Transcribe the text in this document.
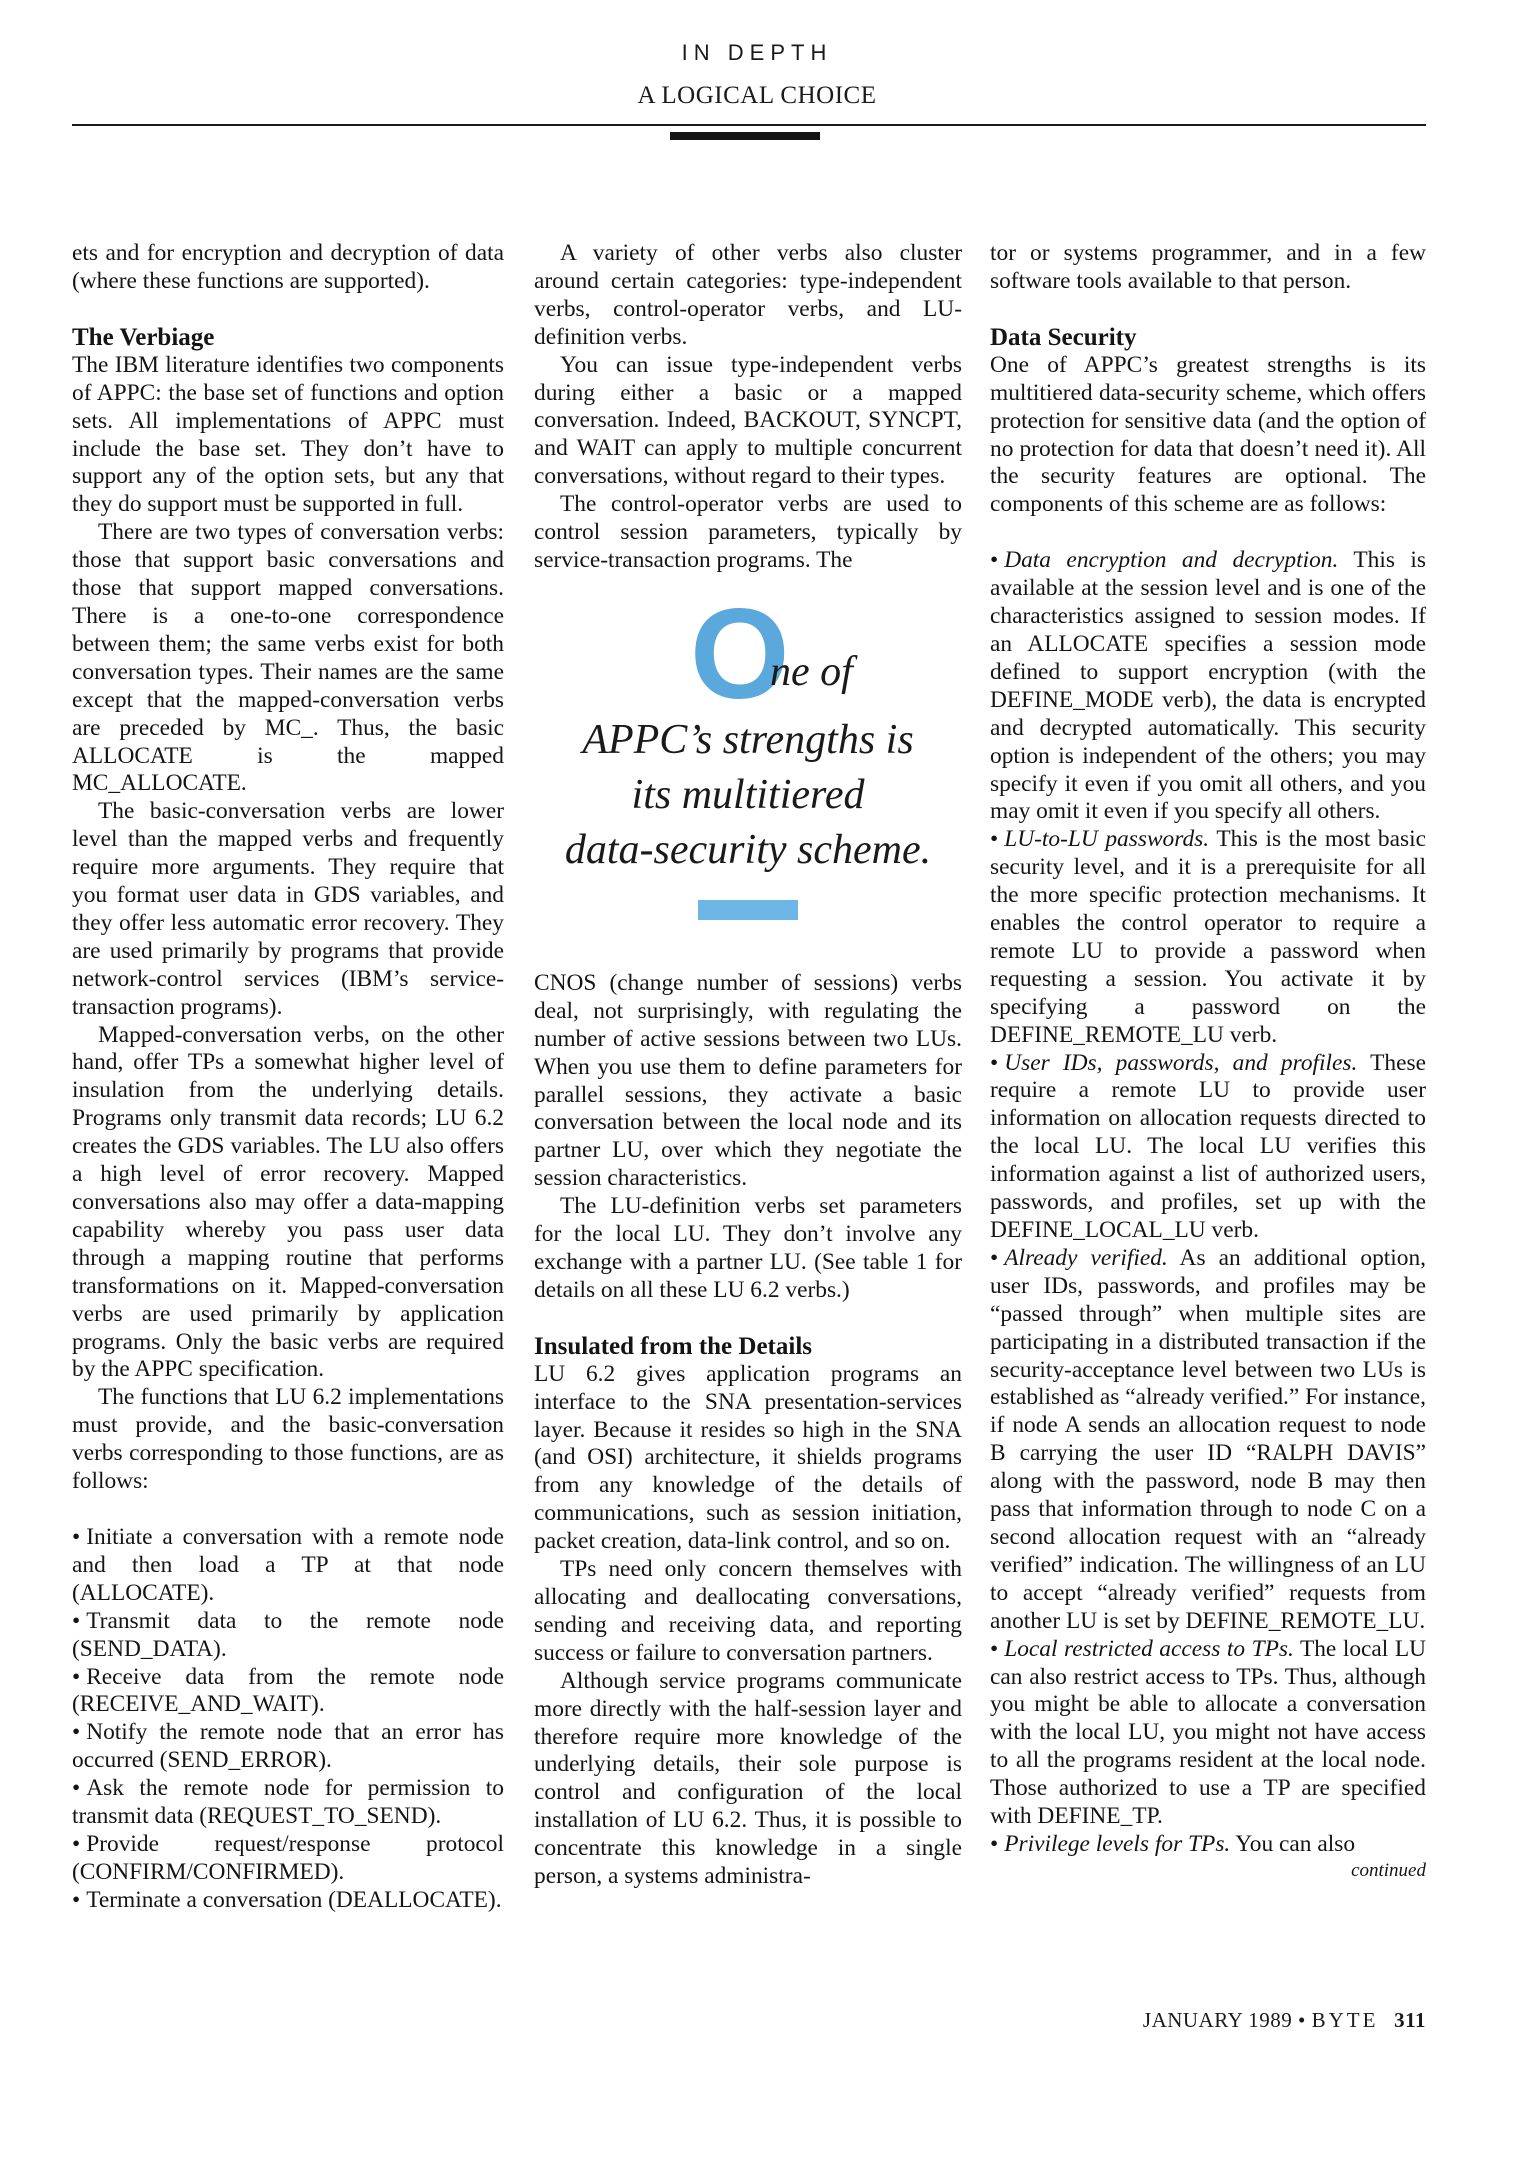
IN DEPTH
A LOGICAL CHOICE

ets and for encryption and decryption of data (where these functions are supported).

The Verbiage

The IBM literature identifies two components of APPC: the base set of functions and option sets. All implementations of APPC must include the base set. They don’t have to support any of the option sets, but any that they do support must be supported in full.

There are two types of conversation verbs: those that support basic conversations and those that support mapped conversations. There is a one-to-one correspondence between them; the same verbs exist for both conversation types. Their names are the same except that the mapped-conversation verbs are preceded by MC_. Thus, the basic ALLOCATE is the mapped MC_ALLOCATE.

The basic-conversation verbs are lower level than the mapped verbs and frequently require more arguments. They require that you format user data in GDS variables, and they offer less automatic error recovery. They are used primarily by programs that provide network-control services (IBM’s service-transaction programs).

Mapped-conversation verbs, on the other hand, offer TPs a somewhat higher level of insulation from the underlying details. Programs only transmit data records; LU 6.2 creates the GDS variables. The LU also offers a high level of error recovery. Mapped conversations also may offer a data-mapping capability whereby you pass user data through a mapping routine that performs transformations on it. Mapped-conversation verbs are used primarily by application programs. Only the basic verbs are required by the APPC specification.

The functions that LU 6.2 implementations must provide, and the basic-conversation verbs corresponding to those functions, are as follows:

• Initiate a conversation with a remote node and then load a TP at that node (ALLOCATE).

• Transmit data to the remote node (SEND_DATA).

• Receive data from the remote node (RECEIVE_AND_WAIT).

• Notify the remote node that an error has occurred (SEND_ERROR).

• Ask the remote node for permission to transmit data (REQUEST_TO_SEND).

• Provide request/response protocol (CONFIRM/CONFIRMED).

• Terminate a conversation (DEALLOCATE).

A variety of other verbs also cluster around certain categories: type-independent verbs, control-operator verbs, and LU-definition verbs.

You can issue type-independent verbs during either a basic or a mapped conversation. Indeed, BACKOUT, SYNCPT, and WAIT can apply to multiple concurrent conversations, without regard to their types.

The control-operator verbs are used to control session parameters, typically by service-transaction programs. The

O
ne of
APPC’s strengths is
its multitiered
data-security scheme.

CNOS (change number of sessions) verbs deal, not surprisingly, with regulating the number of active sessions between two LUs. When you use them to define parameters for parallel sessions, they activate a basic conversation between the local node and its partner LU, over which they negotiate the session characteristics.

The LU-definition verbs set parameters for the local LU. They don’t involve any exchange with a partner LU. (See table 1 for details on all these LU 6.2 verbs.)

Insulated from the Details

LU 6.2 gives application programs an interface to the SNA presentation-services layer. Because it resides so high in the SNA (and OSI) architecture, it shields programs from any knowledge of the details of communications, such as session initiation, packet creation, data-link control, and so on.

TPs need only concern themselves with allocating and deallocating conversations, sending and receiving data, and reporting success or failure to conversation partners.

Although service programs communicate more directly with the half-session layer and therefore require more knowledge of the underlying details, their sole purpose is control and configuration of the local installation of LU 6.2. Thus, it is possible to concentrate this knowledge in a single person, a systems administra-

tor or systems programmer, and in a few software tools available to that person.

Data Security

One of APPC’s greatest strengths is its multitiered data-security scheme, which offers protection for sensitive data (and the option of no protection for data that doesn’t need it). All the security features are optional. The components of this scheme are as follows:

• Data encryption and decryption. This is available at the session level and is one of the characteristics assigned to session modes. If an ALLOCATE specifies a session mode defined to support encryption (with the DEFINE_MODE verb), the data is encrypted and decrypted automatically. This security option is independent of the others; you may specify it even if you omit all others, and you may omit it even if you specify all others.

• LU-to-LU passwords. This is the most basic security level, and it is a prerequisite for all the more specific protection mechanisms. It enables the control operator to require a remote LU to provide a password when requesting a session. You activate it by specifying a password on the DEFINE_REMOTE_LU verb.

• User IDs, passwords, and profiles. These require a remote LU to provide user information on allocation requests directed to the local LU. The local LU verifies this information against a list of authorized users, passwords, and profiles, set up with the DEFINE_LOCAL_LU verb.

• Already verified. As an additional option, user IDs, passwords, and profiles may be “passed through” when multiple sites are participating in a distributed transaction if the security-acceptance level between two LUs is established as “already verified.” For instance, if node A sends an allocation request to node B carrying the user ID “RALPH DAVIS” along with the password, node B may then pass that information through to node C on a second allocation request with an “already verified” indication. The willingness of an LU to accept “already verified” requests from another LU is set by DEFINE_REMOTE_LU.

• Local restricted access to TPs. The local LU can also restrict access to TPs. Thus, although you might be able to allocate a conversation with the local LU, you might not have access to all the programs resident at the local node. Those authorized to use a TP are specified with DEFINE_TP.

• Privilege levels for TPs. You can also

continued

JANUARY 1989 • BYTE 311
